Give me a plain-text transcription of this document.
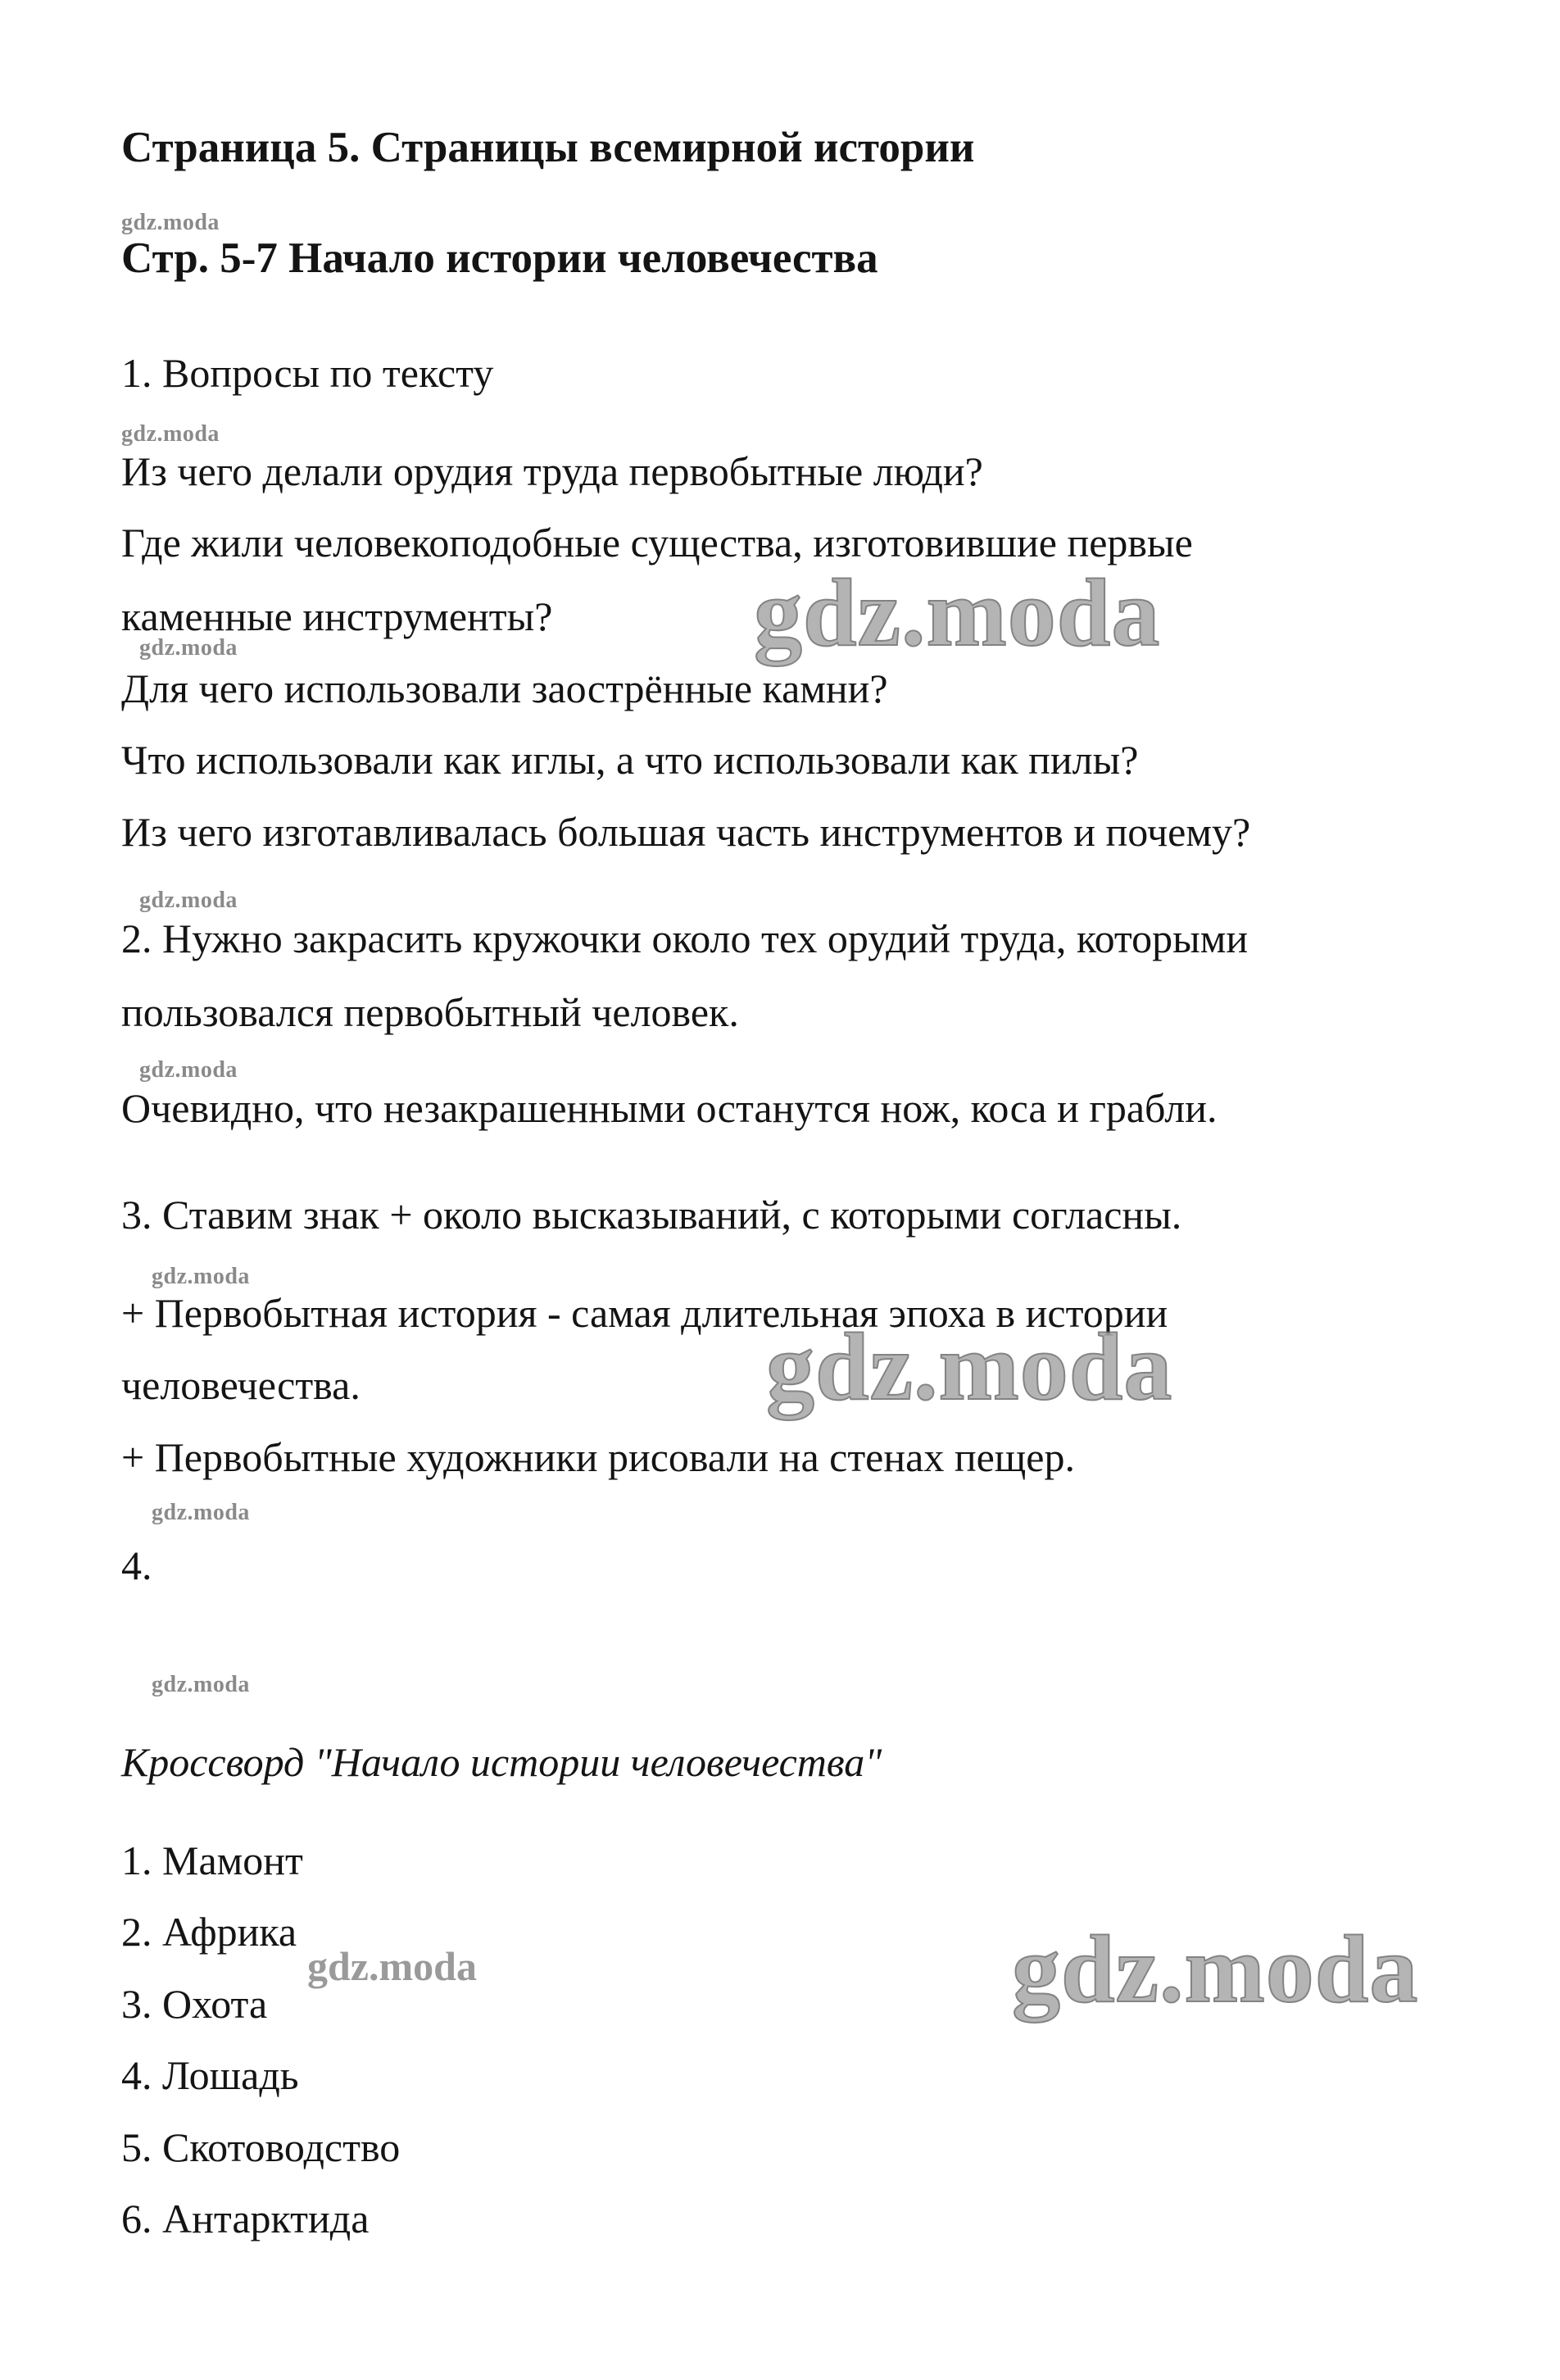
Страница 5. Страницы всемирной истории
Стр. 5-7 Начало истории человечества
1. Вопросы по тексту
Из чего делали орудия труда первобытные люди?
Где жили человекоподобные существа, изготовившие первые
каменные инструменты?
Для чего использовали заострённые камни?
Что использовали как иглы, а что использовали как пилы?
Из чего изготавливалась большая часть инструментов и почему?
2. Нужно закрасить кружочки около тех орудий труда, которыми
пользовался первобытный человек.
Очевидно, что незакрашенными останутся нож, коса и грабли.
3. Ставим знак + около высказываний, с которыми согласны.
+ Первобытная история - самая длительная эпоха в истории
человечества.
+ Первобытные художники рисовали на стенах пещер.
4.
Кроссворд "Начало истории человечества"
1. Мамонт
2. Африка
3. Охота
4. Лошадь
5. Скотоводство
6. Антарктида
gdz.moda
gdz.moda
gdz.moda
gdz.moda
gdz.moda
gdz.moda
gdz.moda
gdz.moda
gdz.moda
gdz.moda
gdz.moda
gdz.moda
